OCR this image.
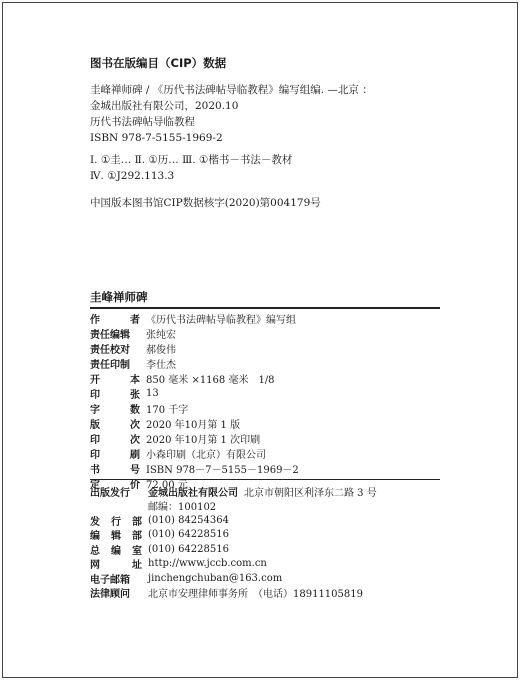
图书在版编目（CIP）数据
圭峰禅师碑 / 《历代书法碑帖导临教程》编写组编. —北京 ：
金城出版社有限公司，2020.10
历代书法碑帖导临教程
ISBN 978-7-5155-1969-2
Ⅰ. ①圭… Ⅱ. ①历… Ⅲ. ①楷书－书法－教材
Ⅳ. ①J292.113.3
中国版本图书馆CIP数据核字(2020)第004179号
圭峰禅师碑
作	者 《历代书法碑帖导临教程》编写组
责任编辑	张纯宏
责任校对	郝俊伟
责任印制	李仕杰
开	本 850 毫米 ×1168 毫米　1/8
印	张 13
字	数 170 千字
版	次 2020 年10月第 1 版
印	次 2020 年10月第 1 次印刷
印	刷 小森印刷（北京）有限公司
书	号 ISBN 978－7－5155－1969－2
定	价 72.00 元
出版发行	金城出版社有限公司 北京市朝阳区利泽东二路 3 号
邮编：100102
发 行 部 (010) 84254364
编 辑 部 (010) 64228516
总 编 室 (010) 64228516
网	址 http://www.jccb.com.cn
电子邮箱	jinchengchuban@163.com
法律顾问	北京市安理律师事务所　（电话）18911105819
